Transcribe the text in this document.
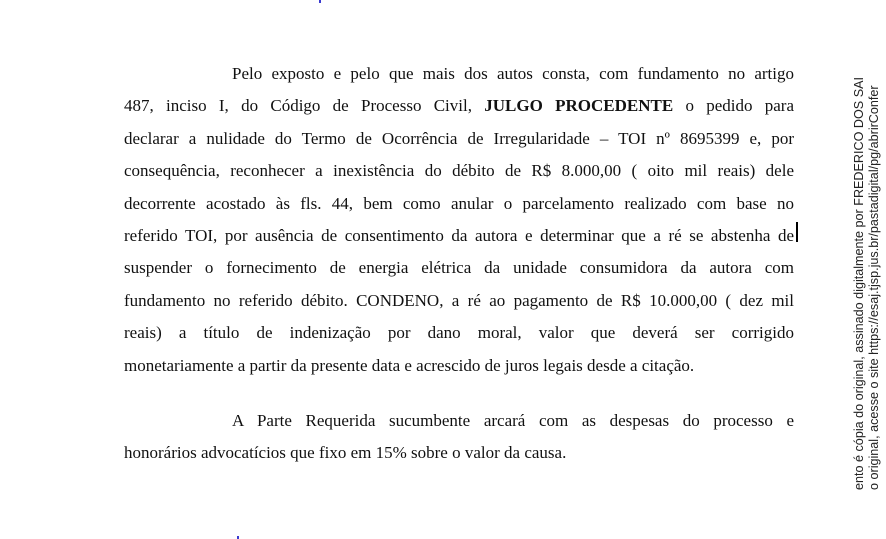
Pelo exposto e pelo que mais dos autos consta, com fundamento no artigo
487, inciso I, do Código de Processo Civil, JULGO PROCEDENTE o pedido para
declarar a nulidade do Termo de Ocorrência de Irregularidade – TOI nº 8695399 e, por
consequência, reconhecer a inexistência do débito de R$ 8.000,00 ( oito mil reais) dele
decorrente acostado às fls. 44, bem como anular o parcelamento realizado com base no
referido TOI, por ausência de consentimento da autora e determinar que a ré se abstenha de
suspender o fornecimento de energia elétrica da unidade consumidora da autora com
fundamento no referido débito. CONDENO, a ré ao pagamento de R$ 10.000,00 ( dez mil
reais) a título de indenização por dano moral, valor que deverá ser corrigido
monetariamente a partir da presente data e acrescido de juros legais desde a citação.
A Parte Requerida sucumbente arcará com as despesas do processo e
honorários advocatícios que fixo em 15% sobre o valor da causa.	ento é cópia do original, assinado digitalmente por FREDERICO DOS SAI o original, acesse o site https://esaj.tjsp.jus.br/pastadigital/pg/abrirConfer
